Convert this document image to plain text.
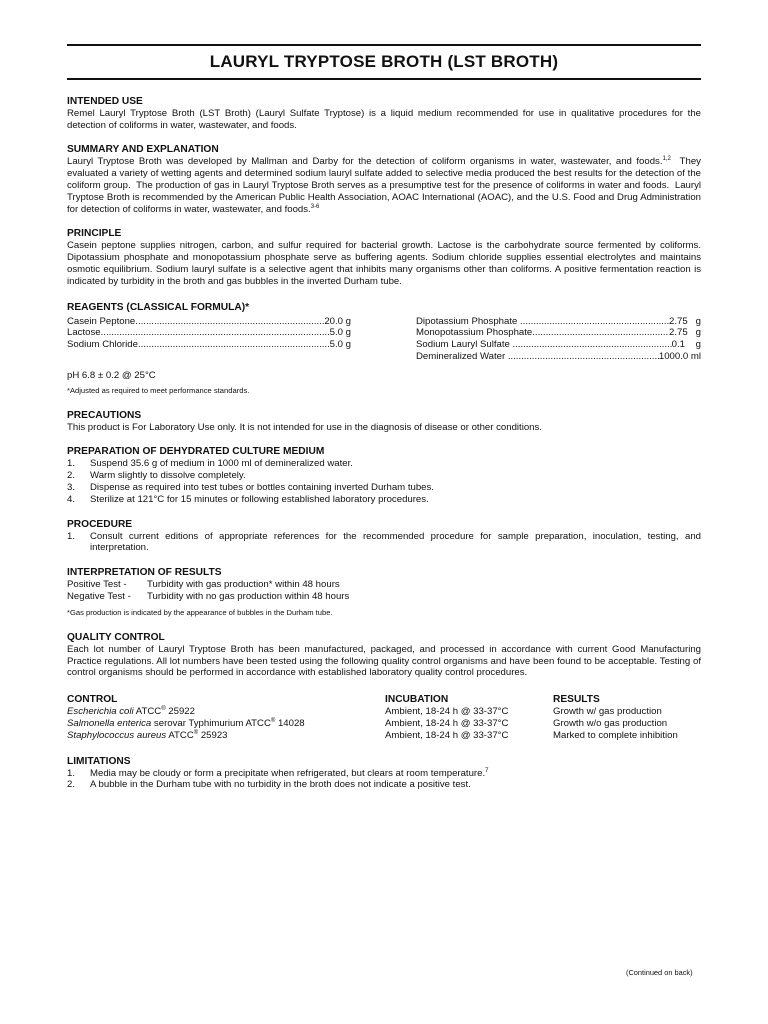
LAURYL TRYPTOSE BROTH (LST BROTH)
INTENDED USE

Remel Lauryl Tryptose Broth (LST Broth) (Lauryl Sulfate Tryptose) is a liquid medium recommended for use in qualitative procedures for the detection of coliforms in water, wastewater, and foods.

SUMMARY AND EXPLANATION

Lauryl Tryptose Broth was developed by Mallman and Darby for the detection of coliform organisms in water, wastewater, and foods.$^{1,2}$  They evaluated a variety of wetting agents and determined sodium lauryl sulfate added to selective media produced the best results for the detection of the coliform group.  The production of gas in Lauryl Tryptose Broth serves as a presumptive test for the presence of coliforms in water and foods.  Lauryl Tryptose Broth is recommended by the American Public Health Association, AOAC International (AOAC), and the U.S. Food and Drug Administration for detection of coliforms in water, wastewater, and foods.$^{3-6}$

PRINCIPLE

Casein peptone supplies nitrogen, carbon, and sulfur required for bacterial growth. Lactose is the carbohydrate source fermented by coliforms. Dipotassium phosphate and monopotassium phosphate serve as buffering agents. Sodium chloride supplies essential electrolytes and maintains osmotic equilibrium. Sodium lauryl sulfate is a selective agent that inhibits many organisms other than coliforms. A positive fermentation reaction is indicated by turbidity in the broth and gas bubbles in the inverted Durham tube.

REAGENTS (CLASSICAL FORMULA)*
Casein Peptone .....	20.0 g
Lactose .....	5.0 g
Sodium Chloride .....	5.0 g
Dipotassium Phosphate .....	2.75   g
Monopotassium Phosphate .....	2.75   g
Sodium Lauryl Sulfate .....	0.1    g
Demineralized Water .....	1000.0 ml

pH 6.8 ± 0.2 @ 25°C

*Adjusted as required to meet performance standards.

PRECAUTIONS

This product is For Laboratory Use only. It is not intended for use in the diagnosis of disease or other conditions.

PREPARATION OF DEHYDRATED CULTURE MEDIUM
1.	Suspend 35.6 g of medium in 1000 ml of demineralized water.
2.	Warm slightly to dissolve completely.
3.	Dispense as required into test tubes or bottles containing inverted Durham tubes.
4.	Sterilize at 121°C for 15 minutes or following established laboratory procedures.
PROCEDURE
1.	Consult current editions of appropriate references for the recommended procedure for sample preparation, inoculation, testing, and interpretation.
INTERPRETATION OF RESULTS
Positive Test -	Turbidity with gas production* within 48 hours
Negative Test -	Turbidity with no gas production within 48 hours

*Gas production is indicated by the appearance of bubbles in the Durham tube.

QUALITY CONTROL

Each lot number of Lauryl Tryptose Broth has been manufactured, packaged, and processed in accordance with current Good Manufacturing Practice regulations. All lot numbers have been tested using the following quality control organisms and have been found to be acceptable. Testing of control organisms should be performed in accordance with established laboratory quality control procedures.

CONTROL	INCUBATION	RESULTS
Escherichia coli ATCC® 25922	Ambient, 18-24 h @ 33-37°C	Growth w/ gas production
Salmonella enterica serovar Typhimurium ATCC® 14028	Ambient, 18-24 h @ 33-37°C	Growth w/o gas production
Staphylococcus aureus ATCC® 25923	Ambient, 18-24 h @ 33-37°C	Marked to complete inhibition
LIMITATIONS
1.	Media may be cloudy or form a precipitate when refrigerated, but clears at room temperature.$^7$
2.	A bubble in the Durham tube with no turbidity in the broth does not indicate a positive test.
(Continued on back)
